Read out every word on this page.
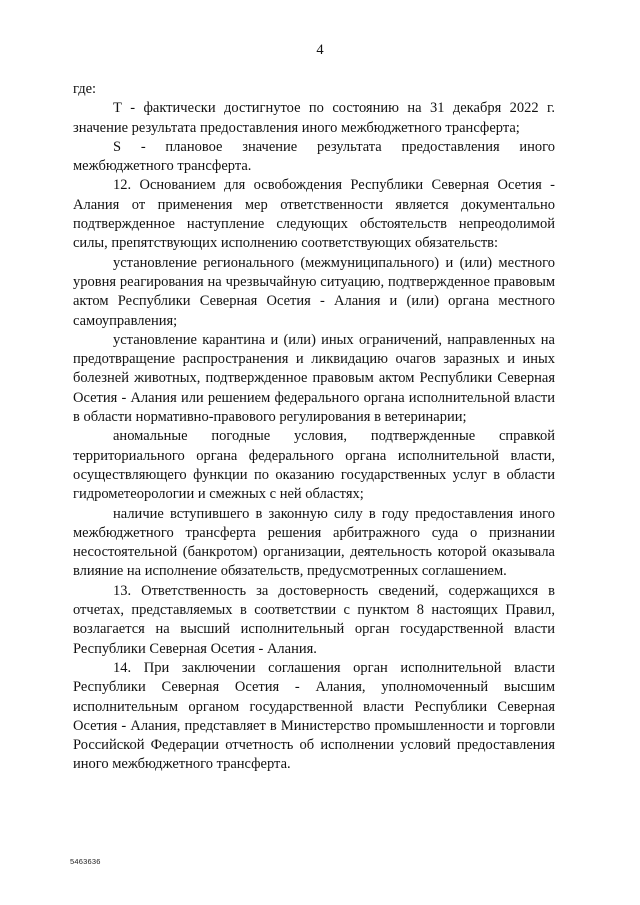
4

где:

Т - фактически достигнутое по состоянию на 31 декабря 2022 г. значение результата предоставления иного межбюджетного трансферта;

S - плановое значение результата предоставления иного межбюджетного трансферта.

12. Основанием для освобождения Республики Северная Осетия - Алания от применения мер ответственности является документально подтвержденное наступление следующих обстоятельств непреодолимой силы, препятствующих исполнению соответствующих обязательств:

установление регионального (межмуниципального) и (или) местного уровня реагирования на чрезвычайную ситуацию, подтвержденное правовым актом Республики Северная Осетия - Алания и (или) органа местного самоуправления;

установление карантина и (или) иных ограничений, направленных на предотвращение распространения и ликвидацию очагов заразных и иных болезней животных, подтвержденное правовым актом Республики Северная Осетия - Алания или решением федерального органа исполнительной власти в области нормативно-правового регулирования в ветеринарии;

аномальные погодные условия, подтвержденные справкой территориального органа федерального органа исполнительной власти, осуществляющего функции по оказанию государственных услуг в области гидрометеорологии и смежных с ней областях;

наличие вступившего в законную силу в году предоставления иного межбюджетного трансферта решения арбитражного суда о признании несостоятельной (банкротом) организации, деятельность которой оказывала влияние на исполнение обязательств, предусмотренных соглашением.

13. Ответственность за достоверность сведений, содержащихся в отчетах, представляемых в соответствии с пунктом 8 настоящих Правил, возлагается на высший исполнительный орган государственной власти Республики Северная Осетия - Алания.

14. При заключении соглашения орган исполнительной власти Республики Северная Осетия - Алания, уполномоченный высшим исполнительным органом государственной власти Республики Северная Осетия - Алания, представляет в Министерство промышленности и торговли Российской Федерации отчетность об исполнении условий предоставления иного межбюджетного трансферта.

5463636
